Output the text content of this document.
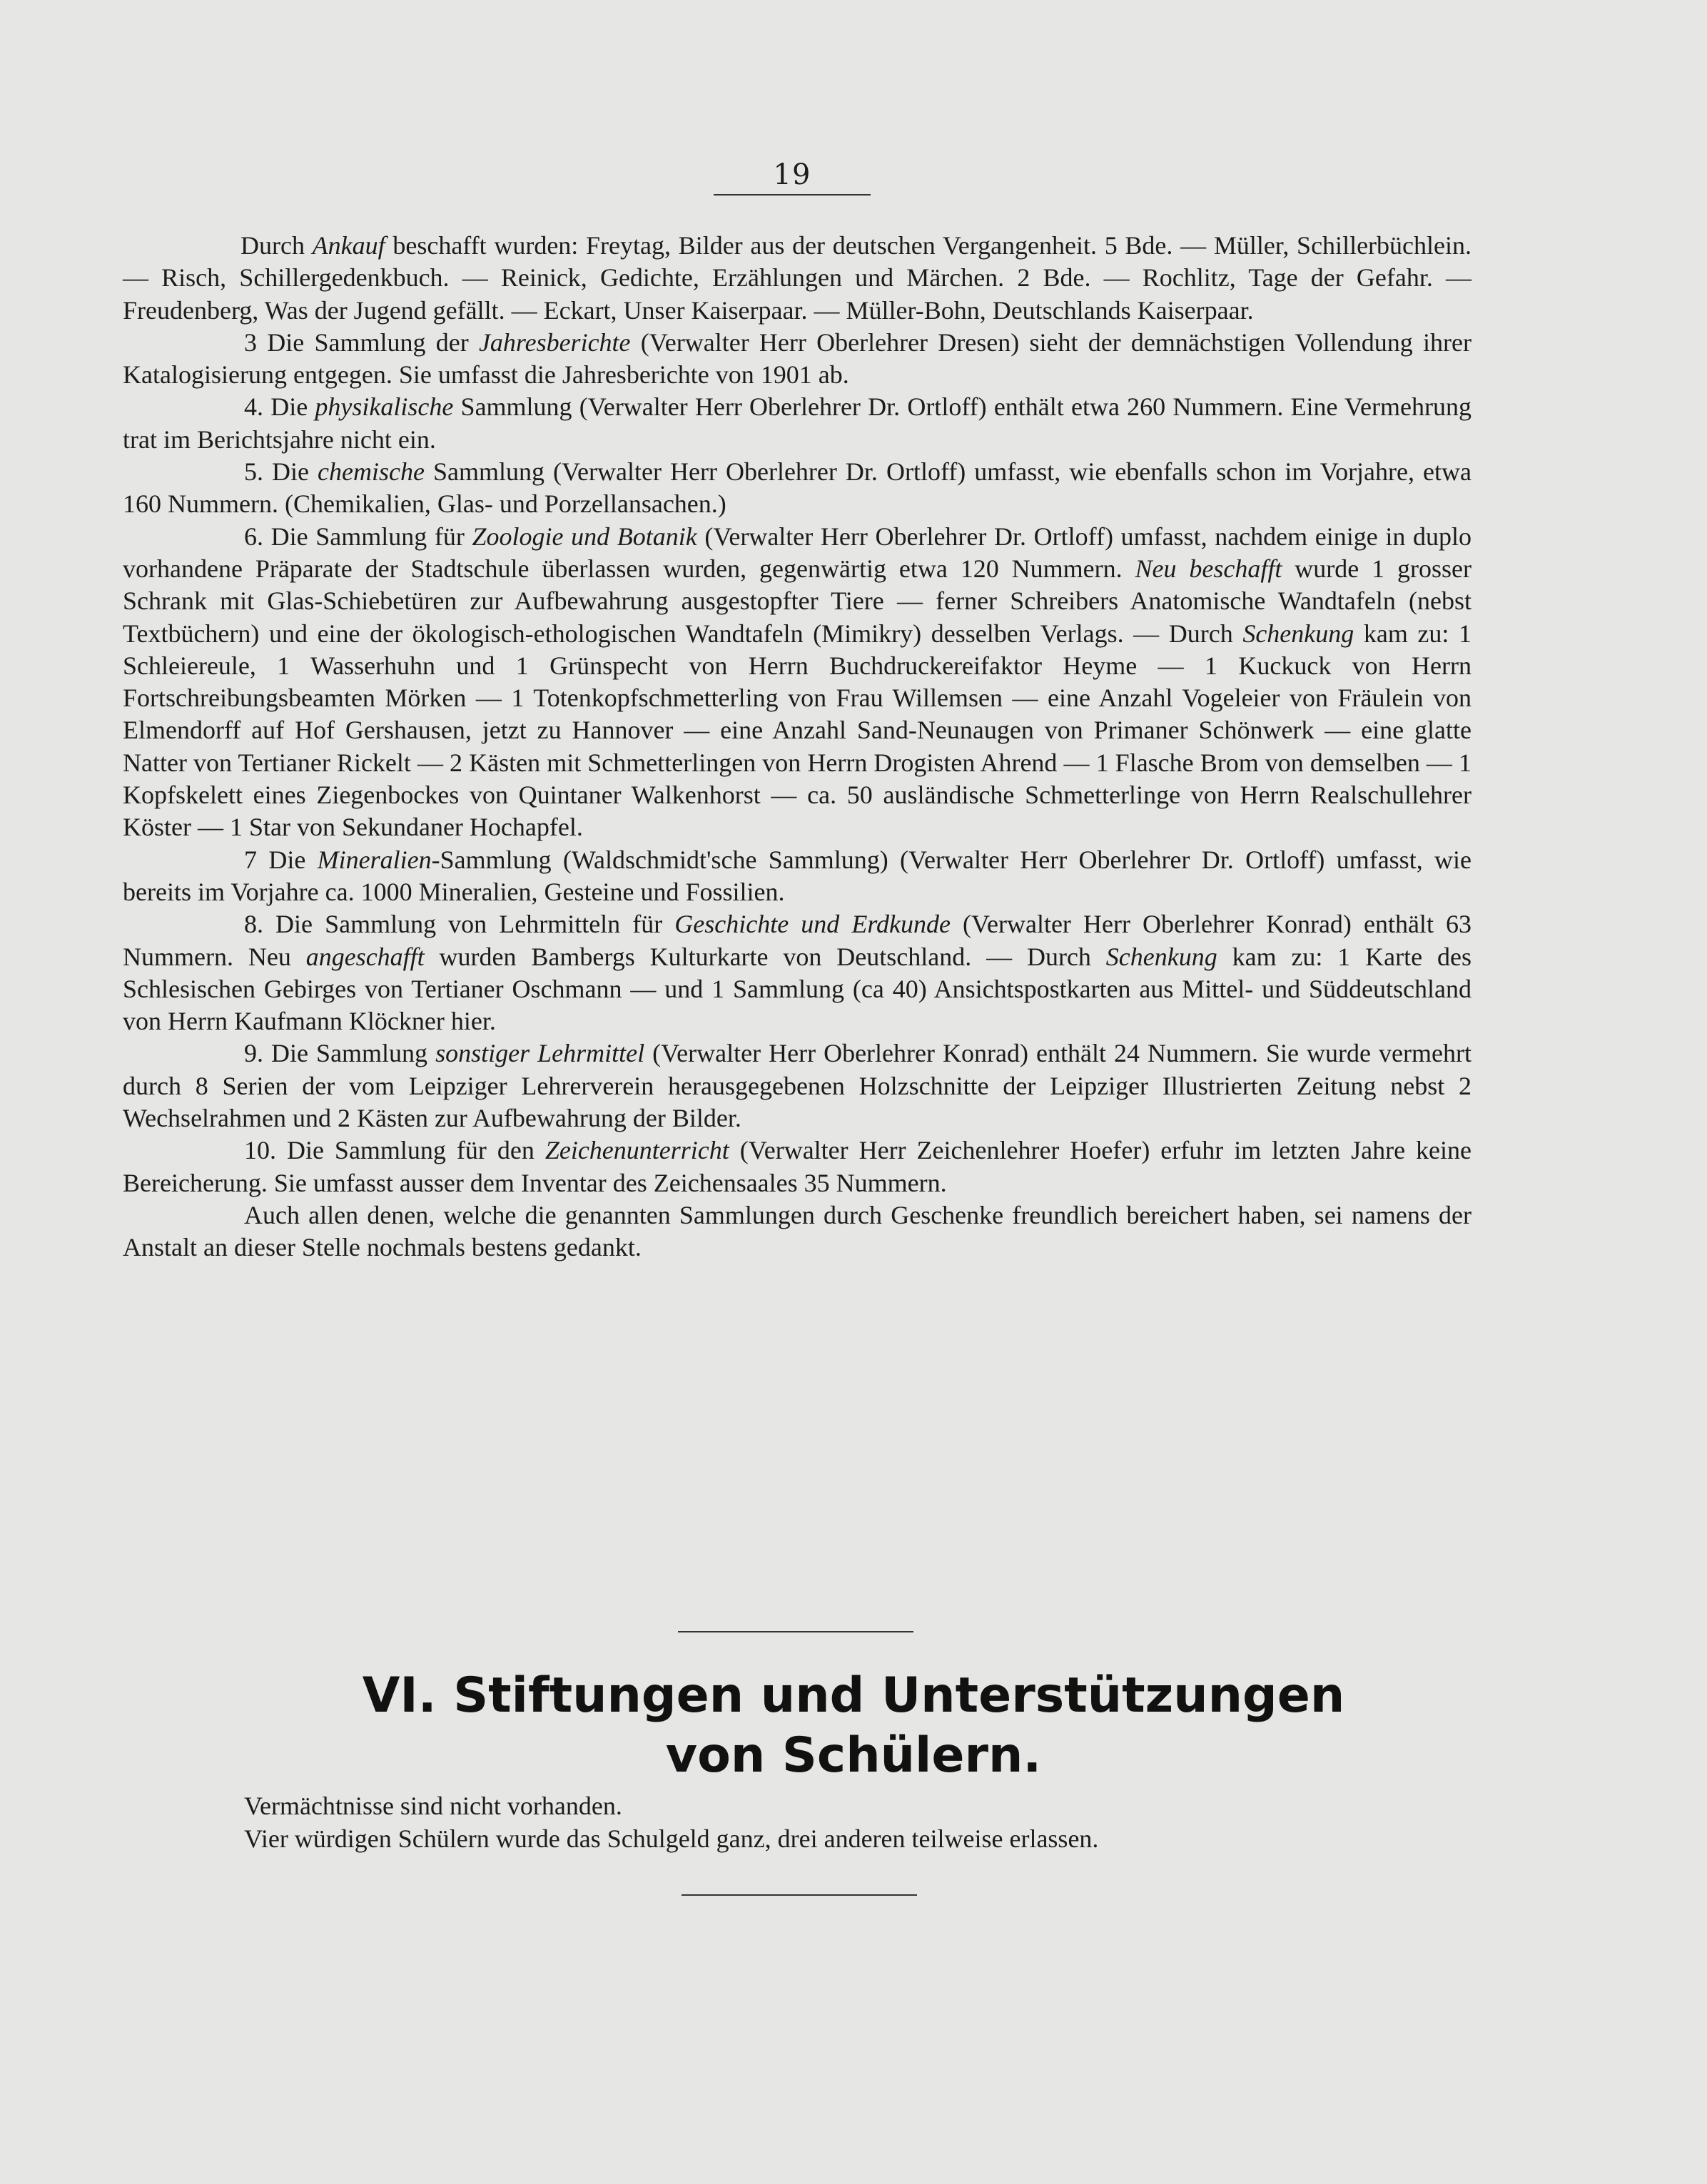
19

Durch Ankauf beschafft wurden: Freytag, Bilder aus der deutschen Vergangenheit. 5 Bde. — Müller, Schillerbüchlein. — Risch, Schillergedenkbuch. — Reinick, Gedichte, Erzählungen und Märchen. 2 Bde. — Rochlitz, Tage der Gefahr. — Freudenberg, Was der Jugend gefällt. — Eckart, Unser Kaiserpaar. — Müller-Bohn, Deutschlands Kaiserpaar.

3 Die Sammlung der Jahresberichte (Verwalter Herr Oberlehrer Dresen) sieht der demnächstigen Vollendung ihrer Katalogisierung entgegen. Sie umfasst die Jahresberichte von 1901 ab.

4. Die physikalische Sammlung (Verwalter Herr Oberlehrer Dr. Ortloff) enthält etwa 260 Nummern. Eine Vermehrung trat im Berichtsjahre nicht ein.

5. Die chemische Sammlung (Verwalter Herr Oberlehrer Dr. Ortloff) umfasst, wie ebenfalls schon im Vorjahre, etwa 160 Nummern. (Chemikalien, Glas- und Porzellansachen.)

6. Die Sammlung für Zoologie und Botanik (Verwalter Herr Oberlehrer Dr. Ortloff) umfasst, nachdem einige in duplo vorhandene Präparate der Stadtschule überlassen wurden, gegenwärtig etwa 120 Nummern. Neu beschafft wurde 1 grosser Schrank mit Glas-Schiebetüren zur Aufbewahrung ausgestopfter Tiere — ferner Schreibers Anatomische Wandtafeln (nebst Textbüchern) und eine der ökologisch-ethologischen Wandtafeln (Mimikry) desselben Verlags. — Durch Schenkung kam zu: 1 Schleiereule, 1 Wasserhuhn und 1 Grünspecht von Herrn Buchdruckereifaktor Heyme — 1 Kuckuck von Herrn Fortschreibungsbeamten Mörken — 1 Totenkopfschmetterling von Frau Willemsen — eine Anzahl Vogeleier von Fräulein von Elmendorff auf Hof Gershausen, jetzt zu Hannover — eine Anzahl Sand-Neunaugen von Primaner Schönwerk — eine glatte Natter von Tertianer Rickelt — 2 Kästen mit Schmetterlingen von Herrn Drogisten Ahrend — 1 Flasche Brom von demselben — 1 Kopfskelett eines Ziegenbockes von Quintaner Walkenhorst — ca. 50 ausländische Schmetterlinge von Herrn Realschullehrer Köster — 1 Star von Sekundaner Hochapfel.

7 Die Mineralien-Sammlung (Waldschmidt'sche Sammlung) (Verwalter Herr Oberlehrer Dr. Ortloff) umfasst, wie bereits im Vorjahre ca. 1000 Mineralien, Gesteine und Fossilien.

8. Die Sammlung von Lehrmitteln für Geschichte und Erdkunde (Verwalter Herr Oberlehrer Konrad) enthält 63 Nummern. Neu angeschafft wurden Bambergs Kulturkarte von Deutschland. — Durch Schenkung kam zu: 1 Karte des Schlesischen Gebirges von Tertianer Oschmann — und 1 Sammlung (ca 40) Ansichtspostkarten aus Mittel- und Süddeutschland von Herrn Kaufmann Klöckner hier.

9. Die Sammlung sonstiger Lehrmittel (Verwalter Herr Oberlehrer Konrad) enthält 24 Nummern. Sie wurde vermehrt durch 8 Serien der vom Leipziger Lehrerverein herausgegebenen Holzschnitte der Leipziger Illustrierten Zeitung nebst 2 Wechselrahmen und 2 Kästen zur Aufbewahrung der Bilder.

10. Die Sammlung für den Zeichenunterricht (Verwalter Herr Zeichenlehrer Hoefer) erfuhr im letzten Jahre keine Bereicherung. Sie umfasst ausser dem Inventar des Zeichensaales 35 Nummern.

Auch allen denen, welche die genannten Sammlungen durch Geschenke freundlich bereichert haben, sei namens der Anstalt an dieser Stelle nochmals bestens gedankt.

VI. Stiftungen und Unterstützungen
von Schülern.

Vermächtnisse sind nicht vorhanden.

Vier würdigen Schülern wurde das Schulgeld ganz, drei anderen teilweise erlassen.
